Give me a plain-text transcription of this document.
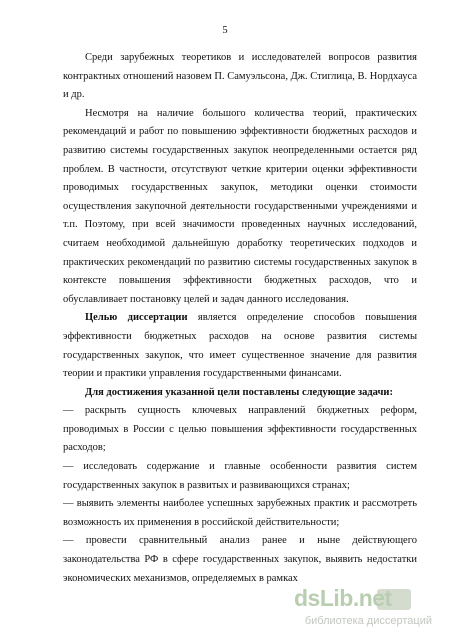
5

Среди зарубежных теоретиков и исследователей вопросов развития контрактных отношений назовем П. Самуэльсона, Дж. Стиглица, В. Нордхауса и др.

Несмотря на наличие большого количества теорий, практических рекомендаций и работ по повышению эффективности бюджетных расходов и развитию системы государственных закупок неопределенными остается ряд проблем. В частности, отсутствуют четкие критерии оценки эффективности проводимых государственных закупок, методики оценки стоимости осуществления закупочной деятельности государственными учреждениями и т.п. Поэтому, при всей значимости проведенных научных исследований, считаем необходимой дальнейшую доработку теоретических подходов и практических рекомендаций по развитию системы государственных закупок в контексте повышения эффективности бюджетных расходов, что и обуславливает постановку целей и задач данного исследования.

Целью диссертации является определение способов повышения эффективности бюджетных расходов на основе развития системы государственных закупок, что имеет существенное значение для развития теории и практики управления государственными финансами.

Для достижения указанной цели поставлены следующие задачи:

— раскрыть сущность ключевых направлений бюджетных реформ, проводимых в России с целью повышения эффективности государственных расходов;

— исследовать содержание и главные особенности развития систем государственных закупок в развитых и развивающихся странах;

— выявить элементы наиболее успешных зарубежных практик и рассмотреть возможность их применения в российской действительности;

— провести сравнительный анализ ранее и ныне действующего законодательства РФ в сфере государственных закупок, выявить недостатки экономических механизмов, определяемых в рамках

dsLib.net
библиотека диссертаций
